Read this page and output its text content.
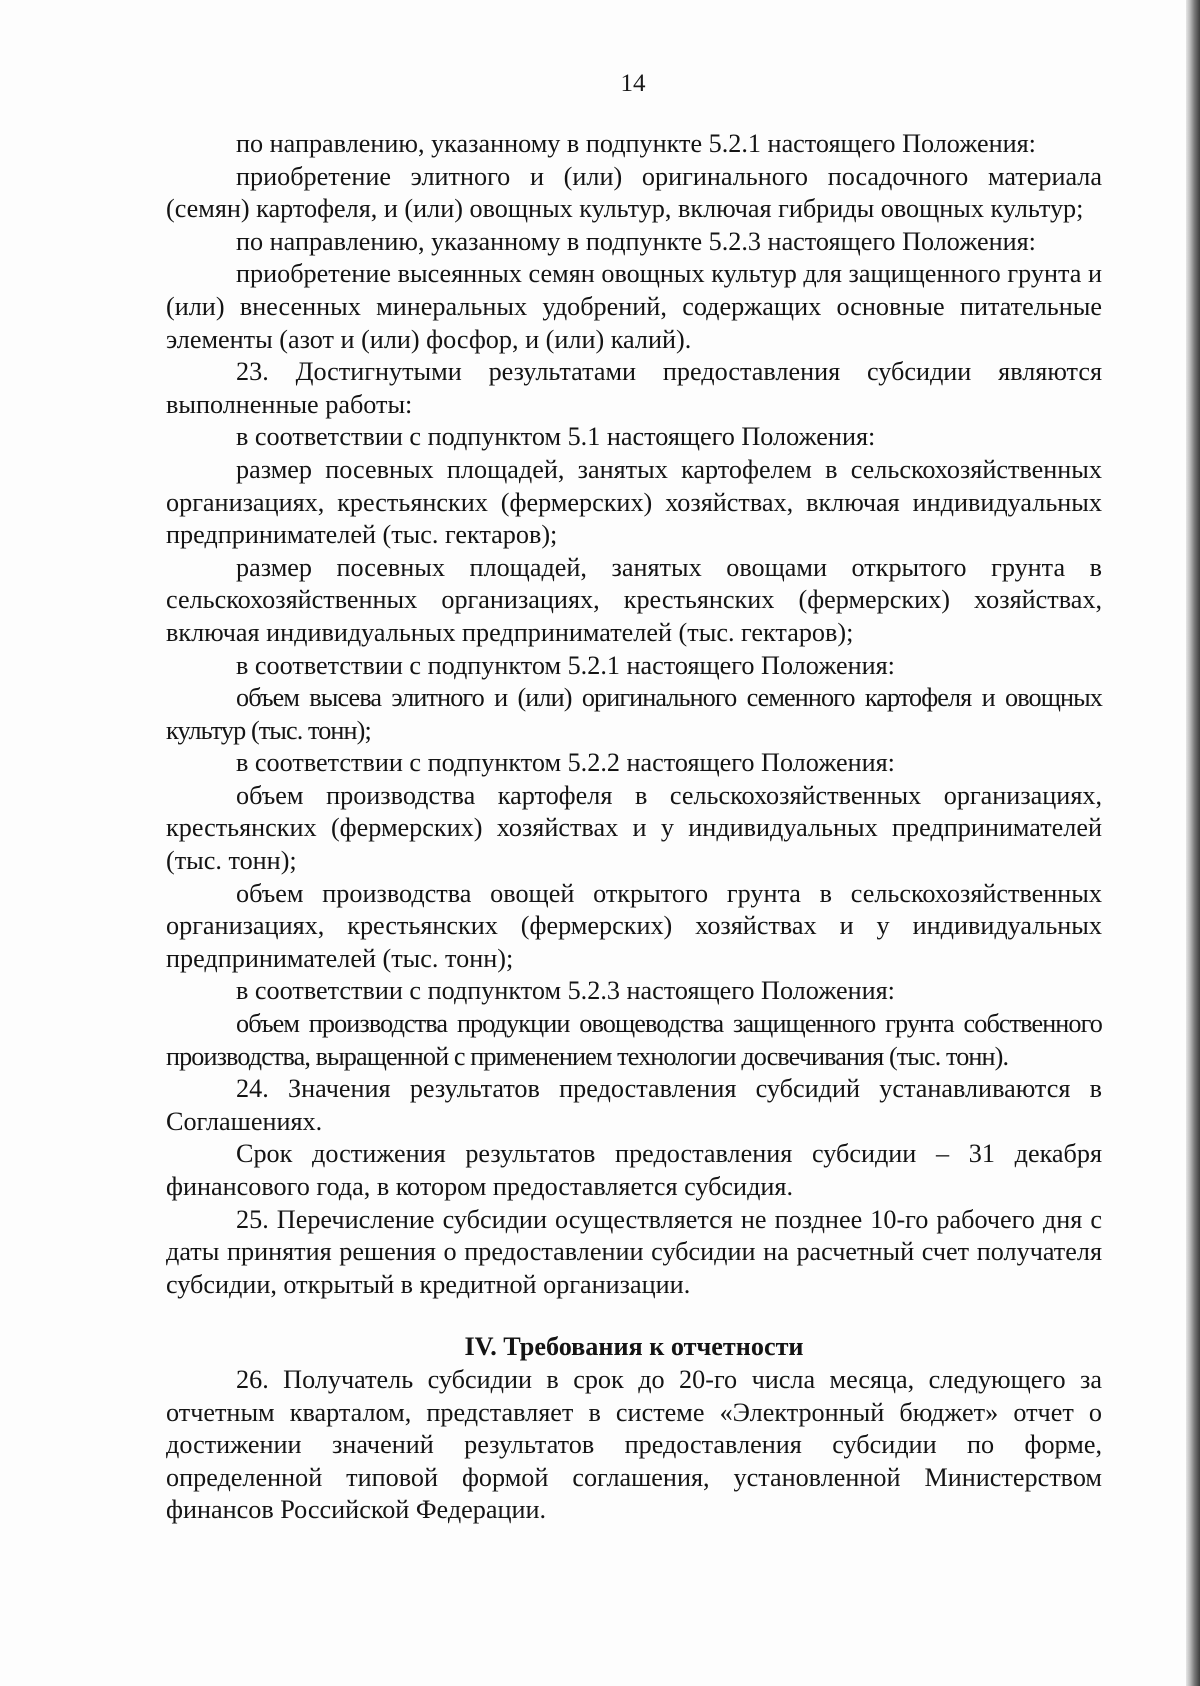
14

по направлению, указанному в подпункте 5.2.1 настоящего Положения:

приобретение элитного и (или) оригинального посадочного материала (семян) картофеля, и (или) овощных культур, включая гибриды овощных культур;

по направлению, указанному в подпункте 5.2.3 настоящего Положения:

приобретение высеянных семян овощных культур для защищенного грунта и (или) внесенных минеральных удобрений, содержащих основные питательные элементы (азот и (или) фосфор, и (или) калий).

23. Достигнутыми результатами предоставления субсидии являются выполненные работы:

в соответствии с подпунктом 5.1 настоящего Положения:

размер посевных площадей, занятых картофелем в сельскохозяйственных организациях, крестьянских (фермерских) хозяйствах, включая индивидуальных предпринимателей (тыс. гектаров);

размер посевных площадей, занятых овощами открытого грунта в сельскохозяйственных организациях, крестьянских (фермерских) хозяйствах, включая индивидуальных предпринимателей (тыс. гектаров);

в соответствии с подпунктом 5.2.1 настоящего Положения:

объем высева элитного и (или) оригинального семенного картофеля и овощных культур (тыс. тонн);

в соответствии с подпунктом 5.2.2 настоящего Положения:

объем производства картофеля в сельскохозяйственных организациях, крестьянских (фермерских) хозяйствах и у индивидуальных предпринимателей (тыс. тонн);

объем производства овощей открытого грунта в сельскохозяйственных организациях, крестьянских (фермерских) хозяйствах и у индивидуальных предпринимателей (тыс. тонн);

в соответствии с подпунктом 5.2.3 настоящего Положения:

объем производства продукции овощеводства защищенного грунта собственного производства, выращенной с применением технологии досвечивания (тыс. тонн).

24. Значения результатов предоставления субсидий устанавливаются в Соглашениях.

Срок достижения результатов предоставления субсидии – 31 декабря финансового года, в котором предоставляется субсидия.

25. Перечисление субсидии осуществляется не позднее 10-го рабочего дня с даты принятия решения о предоставлении субсидии на расчетный счет получателя субсидии, открытый в кредитной организации.

IV. Требования к отчетности

26. Получатель субсидии в срок до 20-го числа месяца, следующего за отчетным кварталом, представляет в системе «Электронный бюджет» отчет о достижении значений результатов предоставления субсидии по форме, определенной типовой формой соглашения, установленной Министерством финансов Российской Федерации.
